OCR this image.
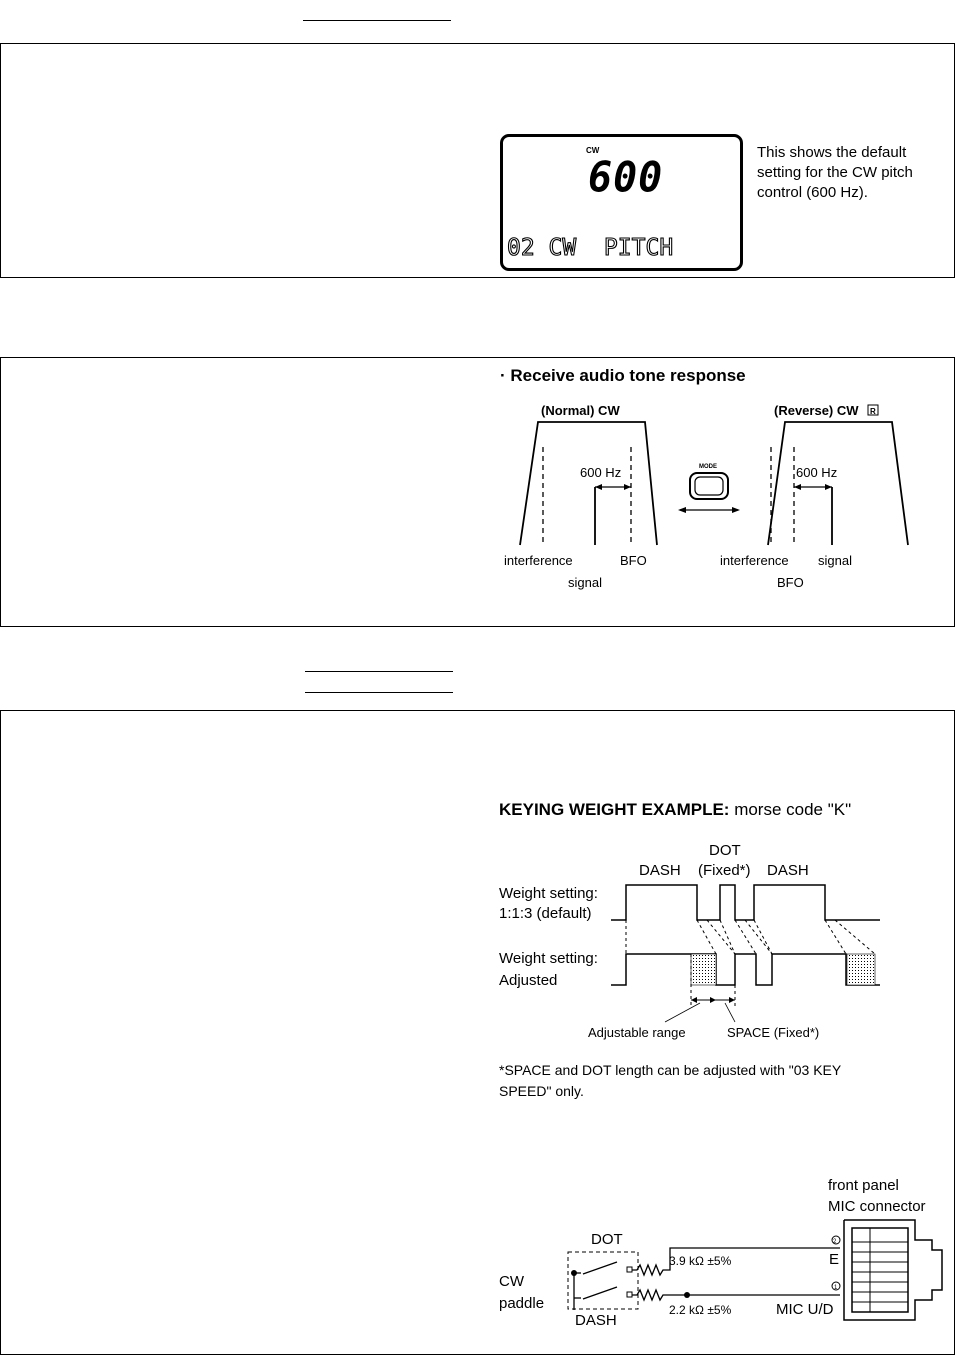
CW
600
02 CW  PITCH
This shows the default
setting for the CW pitch
control (600 Hz).
· Receive audio tone response
(Normal) CW
600 Hz
interference	BFO
signal
MODE
(Reverse) CW R
600 Hz
interference signal
BFO
KEYING WEIGHT EXAMPLE: morse code "K"
DASH
DOT
(Fixed*) DASH
Weight setting:
1:1:3 (default)
Weight setting:
Adjusted
Adjustable range	SPACE (Fixed*)
*SPACE and DOT length can be adjusted with "03 KEY
SPEED" only.
front panel
MIC connector
DOT
CW
paddle
DASH
3.9 kΩ ±5%
2.2 kΩ ±5%
2
E
1
MIC U/D
